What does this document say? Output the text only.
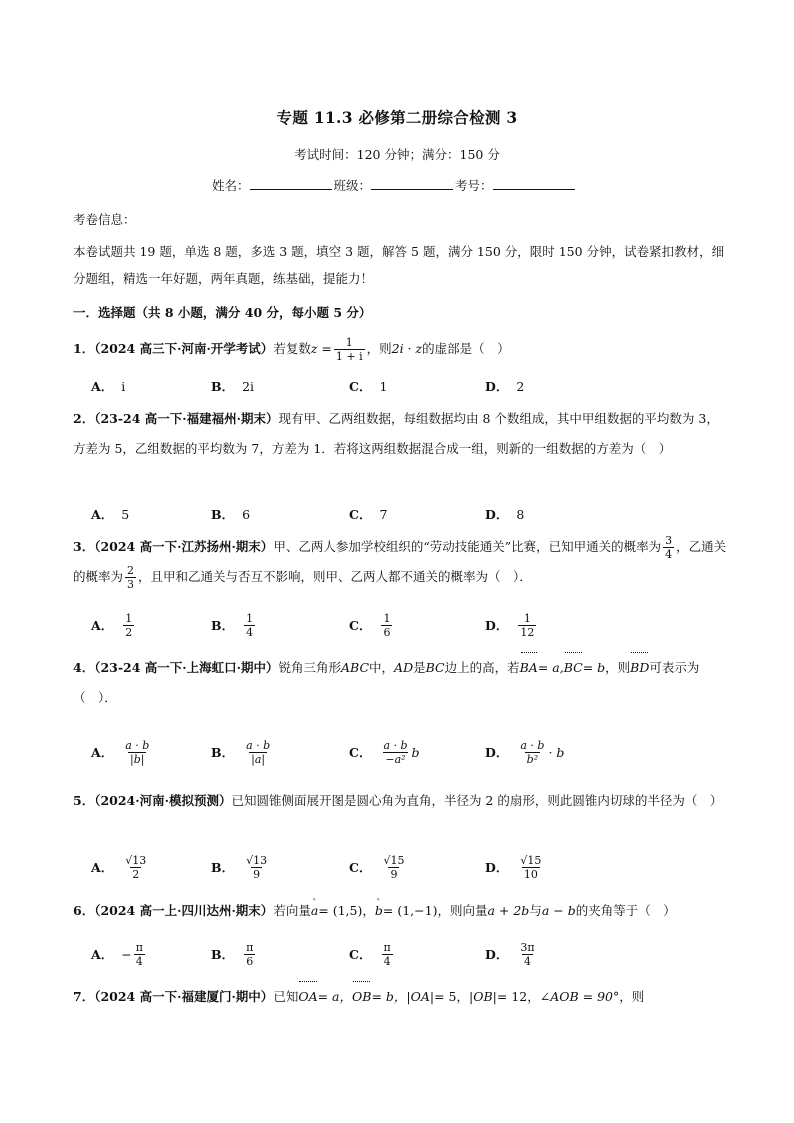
专题 11.3 必修第二册综合检测 3
考试时间：120 分钟；满分：150 分
姓名：	班级：	考号：
考卷信息：
本卷试题共 19 题，单选 8 题，多选 3 题，填空 3 题，解答 5 题，满分 150 分，限时 150 分钟，试卷紧扣教材，细分题组，精选一年好题，两年真题，练基础，提能力！
一．选择题（共 8 小题，满分 40 分，每小题 5 分）
1．（2024 高三下·河南·开学考试）若复数$z = \frac{1}{1 + i}$ ，则2i · z的虚部是（　）
A． i	B． 2i	C． 1	D． 2
2．（23-24 高一下·福建福州·期末）现有甲、乙两组数据，每组数据均由 8 个数组成，其中甲组数据的平均数为 3，方差为 5，乙组数据的平均数为 7，方差为 1．若将这两组数据混合成一组，则新的一组数据的方差为（　）
A． 5	B． 6	C． 7	D． 8
3．（2024 高一下·江苏扬州·期末）甲、乙两人参加学校组织的“劳动技能通关”比赛，已知甲通关的概率为 $\frac{3}{4}$ ，乙通关的概率为 $\frac{2}{3}$ ，且甲和乙通关与否互不影响，则甲、乙两人都不通关的概率为（　）．
A． $\frac{1}{2}$	B． $\frac{1}{4}$	C． $\frac{1}{6}$	D． $\frac{1}{12}$
4．（23-24 高一下·上海虹口·期中）锐角三角形ABC中，AD是BC边上的高，若BA= a,BC= b，则BD可表示为（　）．
A． $\frac{a \cdot b}{|b|}$	B． $\frac{a \cdot b}{|a|}$	C． $\frac{a \cdot b}{\text{−a²}}$ b	D． $\frac{a \cdot b}{\text{b²}} \cdot b$
5．（2024·河南·模拟预测）已知圆锥侧面展开图是圆心角为直角，半径为 2 的扇形，则此圆锥内切球的半径为（　）
A． $\frac{√13}{2}$	B． $\frac{√13}{9}$	C． $\frac{√15}{9}$	D． $\frac{√15}{10}$
6．（2024 高一上·四川达州·期末）若向量' a= (1,5)，' b= (1,−1)，则向量a + 2b与a − b的夹角等于（　）
A． − $\frac{\pi}{4}$	B． $\frac{\pi}{6}$	C． $\frac{\pi}{4}$	D． $\frac{3\pi}{4}$
7．（2024 高一下·福建厦门·期中）已知OA= a，OB= b，|OA|= 5，|OB|= 12，∠AOB = 90°，则
